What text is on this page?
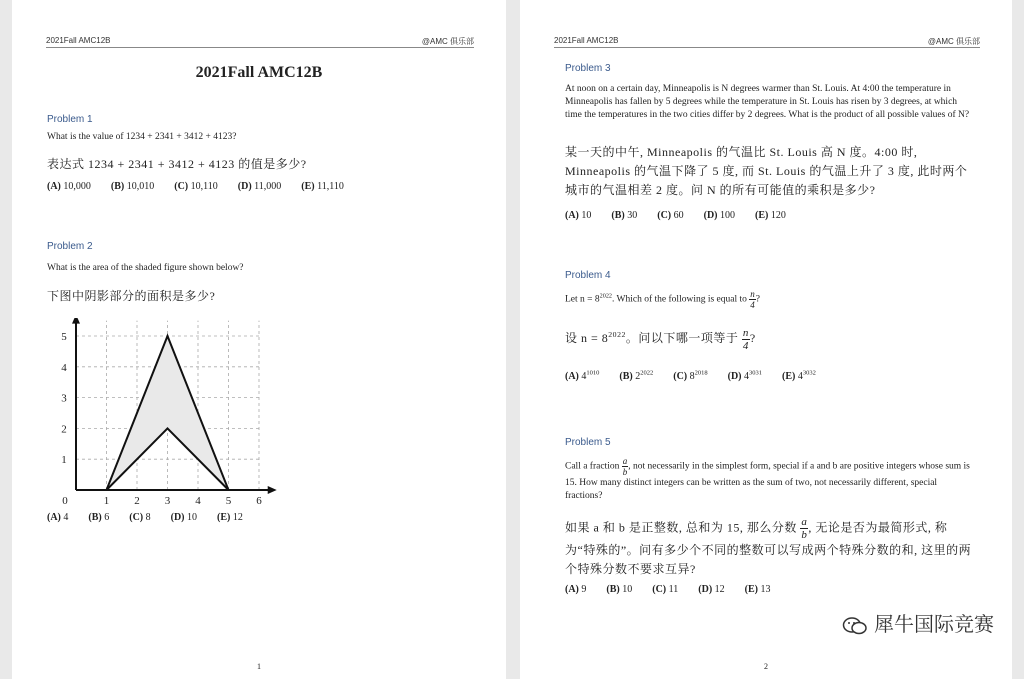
2021Fall AMC12B	@AMC 俱乐部
2021Fall AMC12B
Problem 1
What is the value of 1234 + 2341 + 3412 + 4123?
表达式 1234 + 2341 + 3412 + 4123 的值是多少?
(A) 10,000 (B) 10,010 (C) 10,110 (D) 11,000 (E) 11,110
Problem 2
What is the area of the shaded figure shown below?
下图中阴影部分的面积是多少?
0	1 2 3 4 5 6
1
2
3
4
5
(A) 4 (B) 6 (C) 8 (D) 10 (E) 12
1
2021Fall AMC12B	@AMC 俱乐部
Problem 3
At noon on a certain day, Minneapolis is N degrees warmer than St. Louis. At 4:00 the temperature in Minneapolis has fallen by 5 degrees while the temperature in St. Louis has risen by 3 degrees, at which time the temperatures in the two cities differ by 2 degrees. What is the product of all possible values of N?
某一天的中午, Minneapolis 的气温比 St. Louis 高 N 度。4:00 时, Minneapolis 的气温下降了 5 度, 而 St. Louis 的气温上升了 3 度, 此时两个城市的气温相差 2 度。问 N 的所有可能值的乘积是多少?
(A) 10 (B) 30 (C) 60 (D) 100 (E) 120
Problem 4
Let $n = 8^{2022}$. Which of the following is equal to $\frac{n}{4}$ ?
设 $n = 8^{2022}$。问以下哪一项等于 $\frac{n}{4}$ ?
(A) $4^{1010}$ (B) $2^{2022}$ (C) $8^{2018}$ (D) $4^{3031}$ (E) $4^{3032}$
Problem 5
Call a fraction $\frac{a}{b}$ , not necessarily in the simplest form, special if a and b are positive integers whose sum is 15. How many distinct integers can be written as the sum of two, not necessarily different, special fractions?
如果 a 和 b 是正整数, 总和为 15, 那么分数 $\frac{a}{b}$ , 无论是否为最简形式, 称为“特殊的”。问有多少个不同的整数可以写成两个特殊分数的和, 这里的两个特殊分数不要求互异?
(A) 9 (B) 10 (C) 11 (D) 12 (E) 13
2
犀牛国际竞赛
